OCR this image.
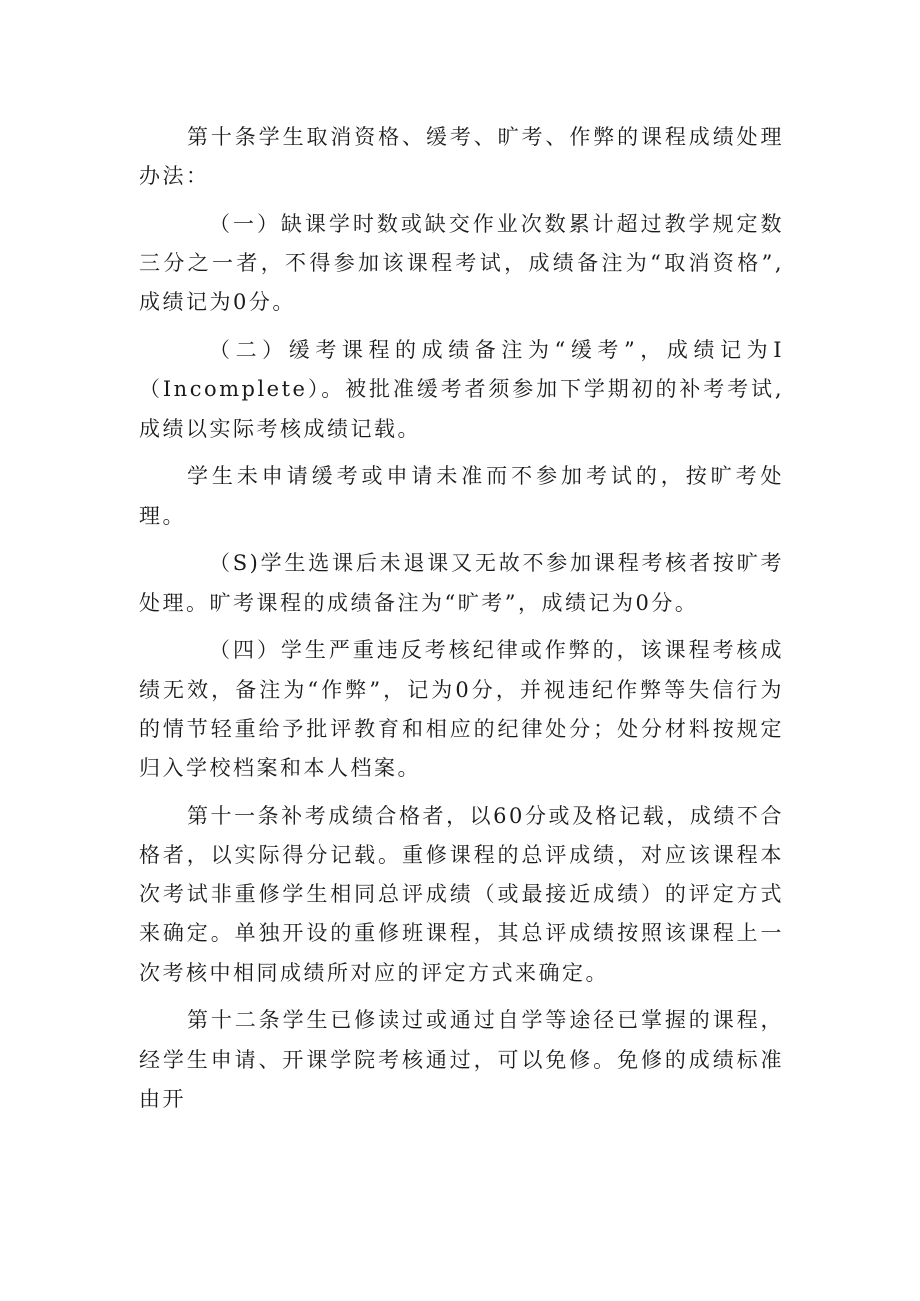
第十条学生取消资格、缓考、旷考、作弊的课程成绩处理办法：

（一）缺课学时数或缺交作业次数累计超过教学规定数三分之一者，不得参加该课程考试，成绩备注为“取消资格”,成绩记为0分。

（二）缓考课程的成绩备注为“缓考”，成绩记为I（Incomplete）。被批准缓考者须参加下学期初的补考考试,成绩以实际考核成绩记载。

学生未申请缓考或申请未准而不参加考试的，按旷考处理。

（S)学生选课后未退课又无故不参加课程考核者按旷考处理。旷考课程的成绩备注为“旷考”，成绩记为0分。

（四）学生严重违反考核纪律或作弊的，该课程考核成绩无效，备注为“作弊”，记为0分，并视违纪作弊等失信行为的情节轻重给予批评教育和相应的纪律处分；处分材料按规定归入学校档案和本人档案。

第十一条补考成绩合格者，以60分或及格记载，成绩不合格者，以实际得分记载。重修课程的总评成绩，对应该课程本次考试非重修学生相同总评成绩（或最接近成绩）的评定方式来确定。单独开设的重修班课程，其总评成绩按照该课程上一次考核中相同成绩所对应的评定方式来确定。

第十二条学生已修读过或通过自学等途径已掌握的课程，经学生申请、开课学院考核通过，可以免修。免修的成绩标准由开
